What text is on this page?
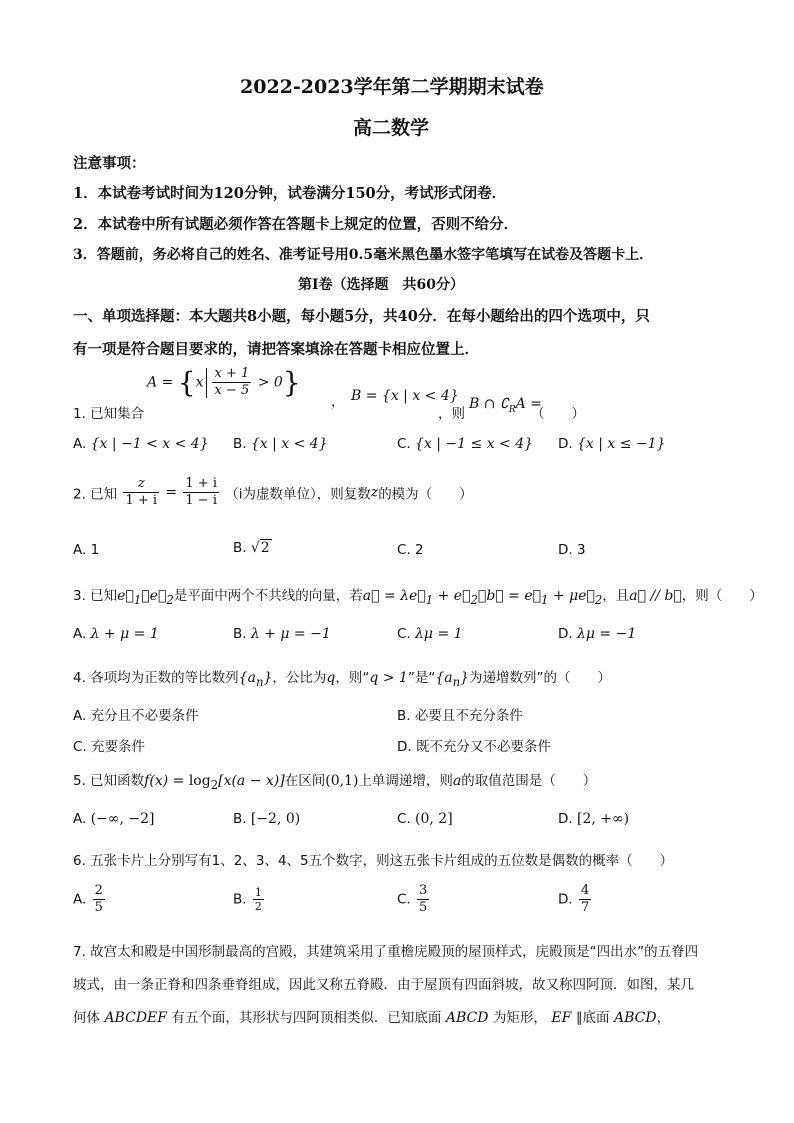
2022-2023学年第二学期期末试卷
高二数学
注意事项：
1．本试卷考试时间为120分钟，试卷满分150分，考试形式闭卷．
2．本试卷中所有试题必须作答在答题卡上规定的位置，否则不给分．
3．答题前，务必将自己的姓名、准考证号用0.5毫米黑色墨水签字笔填写在试卷及答题卡上．
第Ⅰ卷（选择题　共60分）
一、单项选择题：本大题共8小题，每小题5分，共40分．在每小题给出的四个选项中，只
有一项是符合题目要求的，请把答案填涂在答题卡相应位置上．
1. 已知集合
$A = \{x \frac{x + 1}{x - 5} > 0\}$
， B = {x | x < 4}
，则
B ∩ $∁_RA$ =
（　　）
A. {x | −1 < x < 4} B. {x | x < 4}	C. {x | −1 ≤ x < 4} D. {x | x ≤ −1}
2. 已知 $\frac{z}{1 + i} = \frac{1 + i}{1 - i} (i$为虚数单位），则复数z的模为（　　）
A. 1	B. √2	C. 2	D. 3
3. 已知$e⃗_1$，$e⃗_2$是平面中两个不共线的向量，若a⃗ = $\lambda e⃗_1$ + $e⃗_2$，b⃗ = $e⃗_1$ + $\mu e⃗_2$，且a⃗ // b⃗，则（　　）
A. λ + μ = 1	B. λ + μ = −1	C. λμ = 1	D. λμ = −1
4. 各项均为正数的等比数列$\{a_n\}$，公比为q，则“q > 1”是“$\{a_n\}$为递增数列”的（　　）
A. 充分且不必要条件	B. 必要且不充分条件
C. 充要条件	D. 既不充分又不必要条件
5. 已知函数$f(x) = \log_2[x(a - x)]$在区间(0,1)上单调递增，则a的取值范围是（　　）
A. (−∞, −2]	B. [−2, 0)	C. (0, 2]	D. [2, +∞)
6. 五张卡片上分别写有1、2、3、4、5五个数字，则这五张卡片组成的五位数是偶数的概率（　　）
A. $\frac{2}{5}$	B. $\frac{1}{2}$	C. $\frac{3}{5}$	D. $\frac{4}{7}$
7. 故宫太和殿是中国形制最高的宫殿，其建筑采用了重檐庑殿顶的屋顶样式，庑殿顶是“四出水”的五脊四
坡式，由一条正脊和四条垂脊组成，因此又称五脊殿．由于屋顶有四面斜坡，故又称四阿顶．如图，某几
何体 ABCDEF 有五个面，其形状与四阿顶相类似．已知底面 ABCD 为矩形， EF ∥底面 ABCD，
